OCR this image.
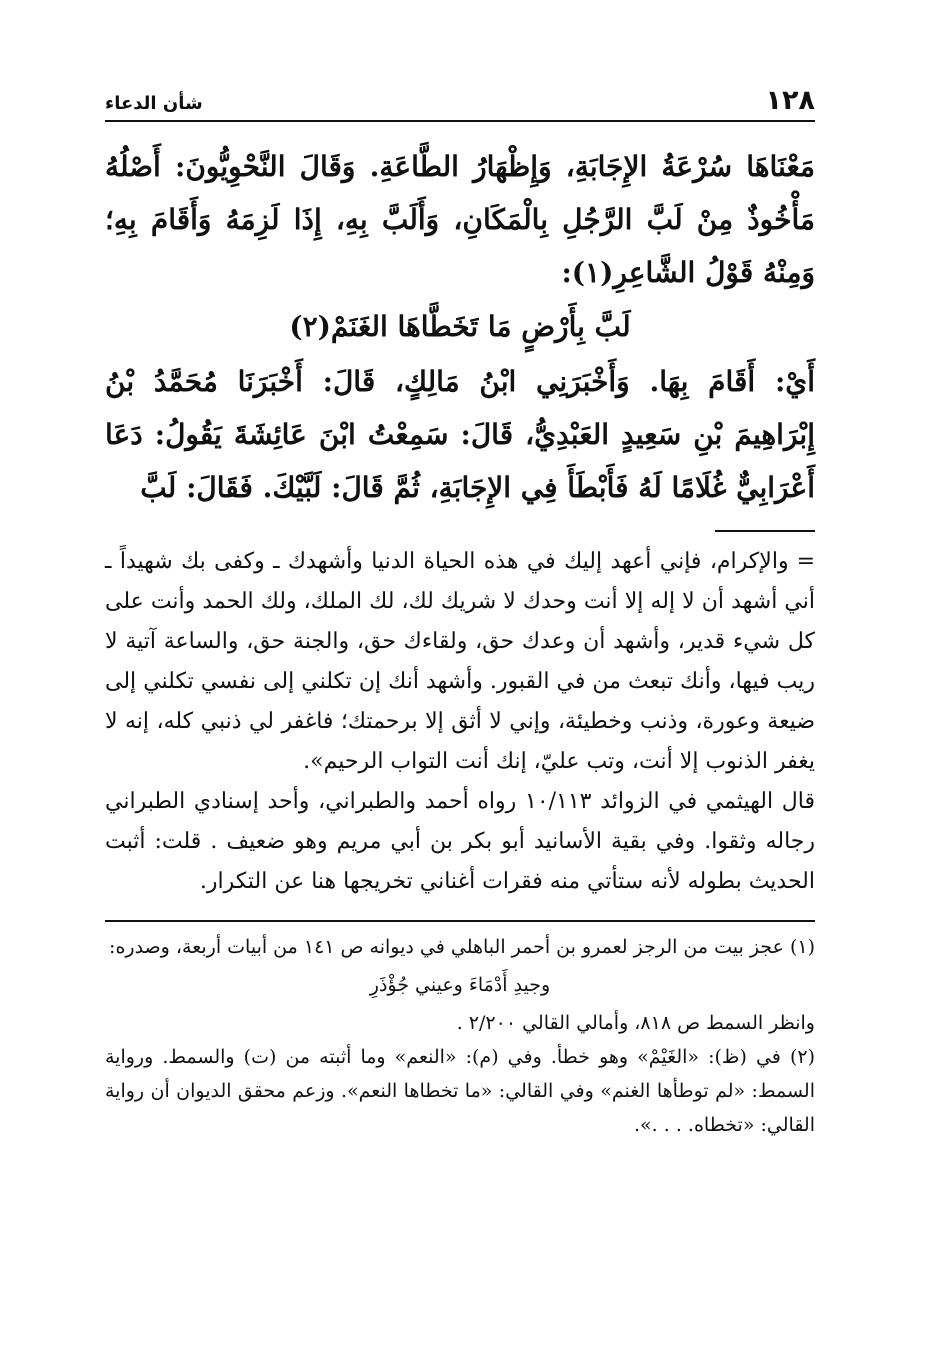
١٢٨
شأن الدعاء

مَعْنَاهَا سُرْعَةُ الإِجَابَةِ، وَإِظْهَارُ الطَّاعَةِ. وَقَالَ النَّحْوِيُّونَ: أَصْلُهُ مَأْخُوذٌ مِنْ لَبَّ الرَّجُلِ بِالْمَكَانِ، وَأَلَبَّ بِهِ، إِذَا لَزِمَهُ وَأَقَامَ بِهِ؛ وَمِنْهُ قَوْلُ الشَّاعِرِ(١):

لَبَّ بِأَرْضٍ مَا تَخَطَّاهَا الغَنَمْ(٢)

أَيْ: أَقَامَ بِهَا. وَأَخْبَرَنِي ابْنُ مَالِكٍ، قَالَ: أَخْبَرَنَا مُحَمَّدُ بْنُ إِبْرَاهِيمَ بْنِ سَعِيدٍ العَبْدِيُّ، قَالَ: سَمِعْتُ ابْنَ عَائِشَةَ يَقُولُ: دَعَا أَعْرَابِيٌّ غُلَامًا لَهُ فَأَبْطَأَ فِي الإِجَابَةِ، ثُمَّ قَالَ: لَبَّيْكَ. فَقَالَ: لَبَّ

=والإكرام، فإني أعهد إليك في هذه الحياة الدنيا وأشهدك ـ وكفى بك شهيداً ـ أني أشهد أن لا إله إلا أنت وحدك لا شريك لك، لك الملك، ولك الحمد وأنت على كل شيء قدير، وأشهد أن وعدك حق، ولقاءك حق، والجنة حق، والساعة آتية لا ريب فيها، وأنك تبعث من في القبور. وأشهد أنك إن تكلني إلى نفسي تكلني إلى ضيعة وعورة، وذنب وخطيئة، وإني لا أثق إلا برحمتك؛ فاغفر لي ذنبي كله، إنه لا يغفر الذنوب إلا أنت، وتب عليّ، إنك أنت التواب الرحيم».

قال الهيثمي في الزوائد ١٠/١١٣ رواه أحمد والطبراني، وأحد إسنادي الطبراني رجاله وثقوا. وفي بقية الأسانيد أبو بكر بن أبي مريم وهو ضعيف . قلت: أثبت الحديث بطوله لأنه ستأتي منه فقرات أغناني تخريجها هنا عن التكرار.

(١) عجز بيت من الرجز لعمرو بن أحمر الباهلي في ديوانه ص ١٤١ من أبيات أربعة، وصدره:

وجيدِ أَدْمَاءَ وعيني جُؤْذَرِ

وانظر السمط ص ٨١٨، وأمالي القالي ٢/٢٠٠ .

(٢) في (ظ): «الغَيْمْ» وهو خطأ. وفي (م): «النعم» وما أثبته من (ت) والسمط. ورواية السمط: «لم توطأها الغنم» وفي القالي: «ما تخطاها النعم». وزعم محقق الديوان أن رواية القالي: «تخطاه. . . .».
